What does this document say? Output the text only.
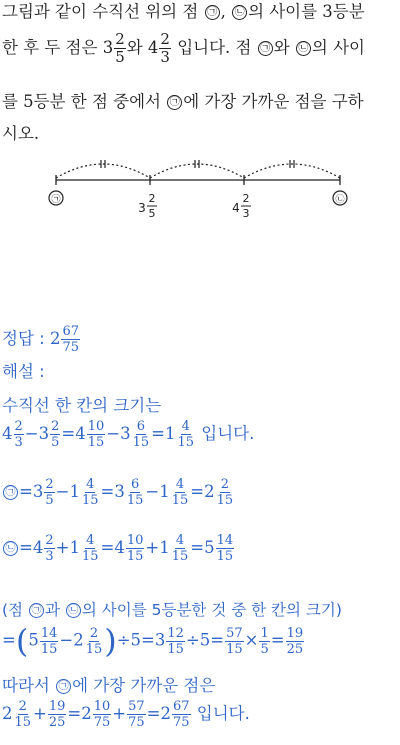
그림과 같이 수직선 위의 점 ㉠ , ㉡ 의 사이를 3등분
한 후 두 점은 $3 \frac{2}{5}$ 와 $4 \frac{2}{3}$ 입니다. 점 ㉠ 와 ㉡ 의 사이
를 5등분 한 점 중에서 ㉠ 에 가장 가까운 점을 구하
시오.
㉠	㉡
3
2
5	4
2
3
정답 : $2 \frac{67}{75}$
해설 :
수직선 한 칸의 크기는
$4 \frac{2}{3} -3 \frac{2}{5} =4 \frac{10}{15} -3 \frac{6}{15} =1 \frac{4}{15}$ 입니다.
㉠ $=3 \frac{2}{5} -1 \frac{4}{15} =3 \frac{6}{15} -1 \frac{4}{15} =2 \frac{2}{15}$
㉡ $=4 \frac{2}{3} +1 \frac{4}{15} =4 \frac{10}{15} +1 \frac{4}{15} =5 \frac{14}{15}$
(점 ㉠ 과 ㉡ 의 사이를 5등분한 것 중 한 칸의 크기)
$=(5 \frac{14}{15} -2 \frac{2}{15} )\div 5=3 \frac{12}{15} \div 5= \frac{57}{15} \times \frac{1}{5} = \frac{19}{25}$
따라서 ㉠ 에 가장 가까운 점은
$2 \frac{2}{15} + \frac{19}{25} =2 \frac{10}{75} + \frac{57}{75} =2 \frac{67}{75}$ 입니다.
